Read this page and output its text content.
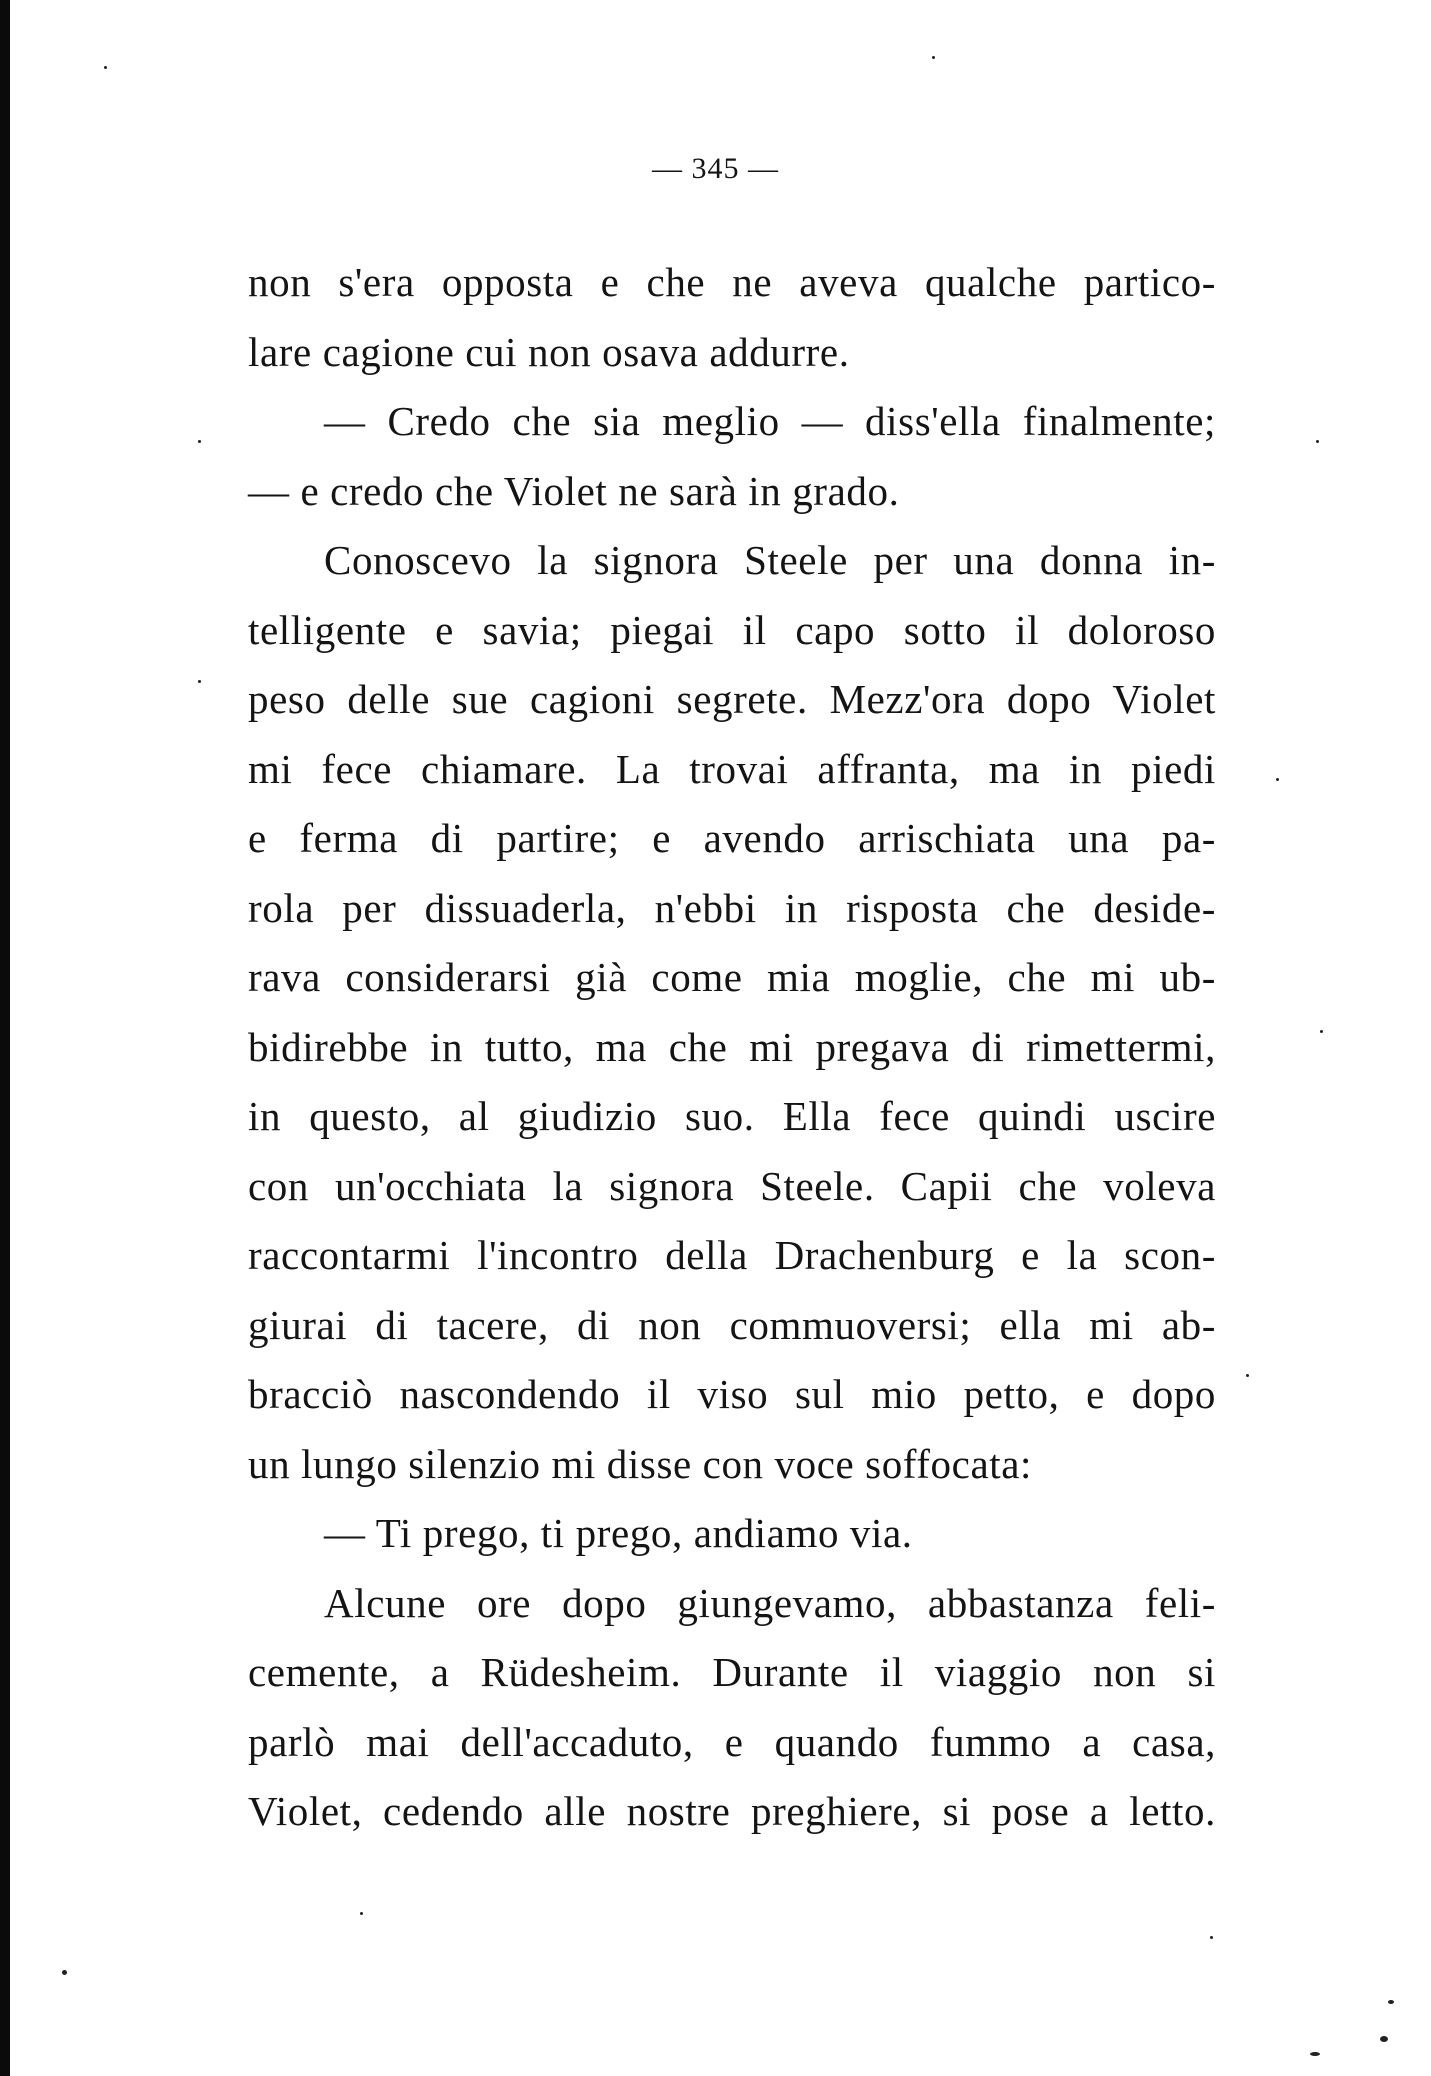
— 345 —
non s'era opposta e che ne aveva qualche partico-
lare cagione cui non osava addurre.
— Credo che sia meglio — diss'ella finalmente;
— e credo che Violet ne sarà in grado.
Conoscevo la signora Steele per una donna in-
telligente e savia; piegai il capo sotto il doloroso
peso delle sue cagioni segrete. Mezz'ora dopo Violet
mi fece chiamare. La trovai affranta, ma in piedi
e ferma di partire; e avendo arrischiata una pa-
rola per dissuaderla, n'ebbi in risposta che deside-
rava considerarsi già come mia moglie, che mi ub-
bidirebbe in tutto, ma che mi pregava di rimettermi,
in questo, al giudizio suo. Ella fece quindi uscire
con un'occhiata la signora Steele. Capii che voleva
raccontarmi l'incontro della Drachenburg e la scon-
giurai di tacere, di non commuoversi; ella mi ab-
bracciò nascondendo il viso sul mio petto, e dopo
un lungo silenzio mi disse con voce soffocata:
— Ti prego, ti prego, andiamo via.
Alcune ore dopo giungevamo, abbastanza feli-
cemente, a Rüdesheim. Durante il viaggio non si
parlò mai dell'accaduto, e quando fummo a casa,
Violet, cedendo alle nostre preghiere, si pose a letto.
